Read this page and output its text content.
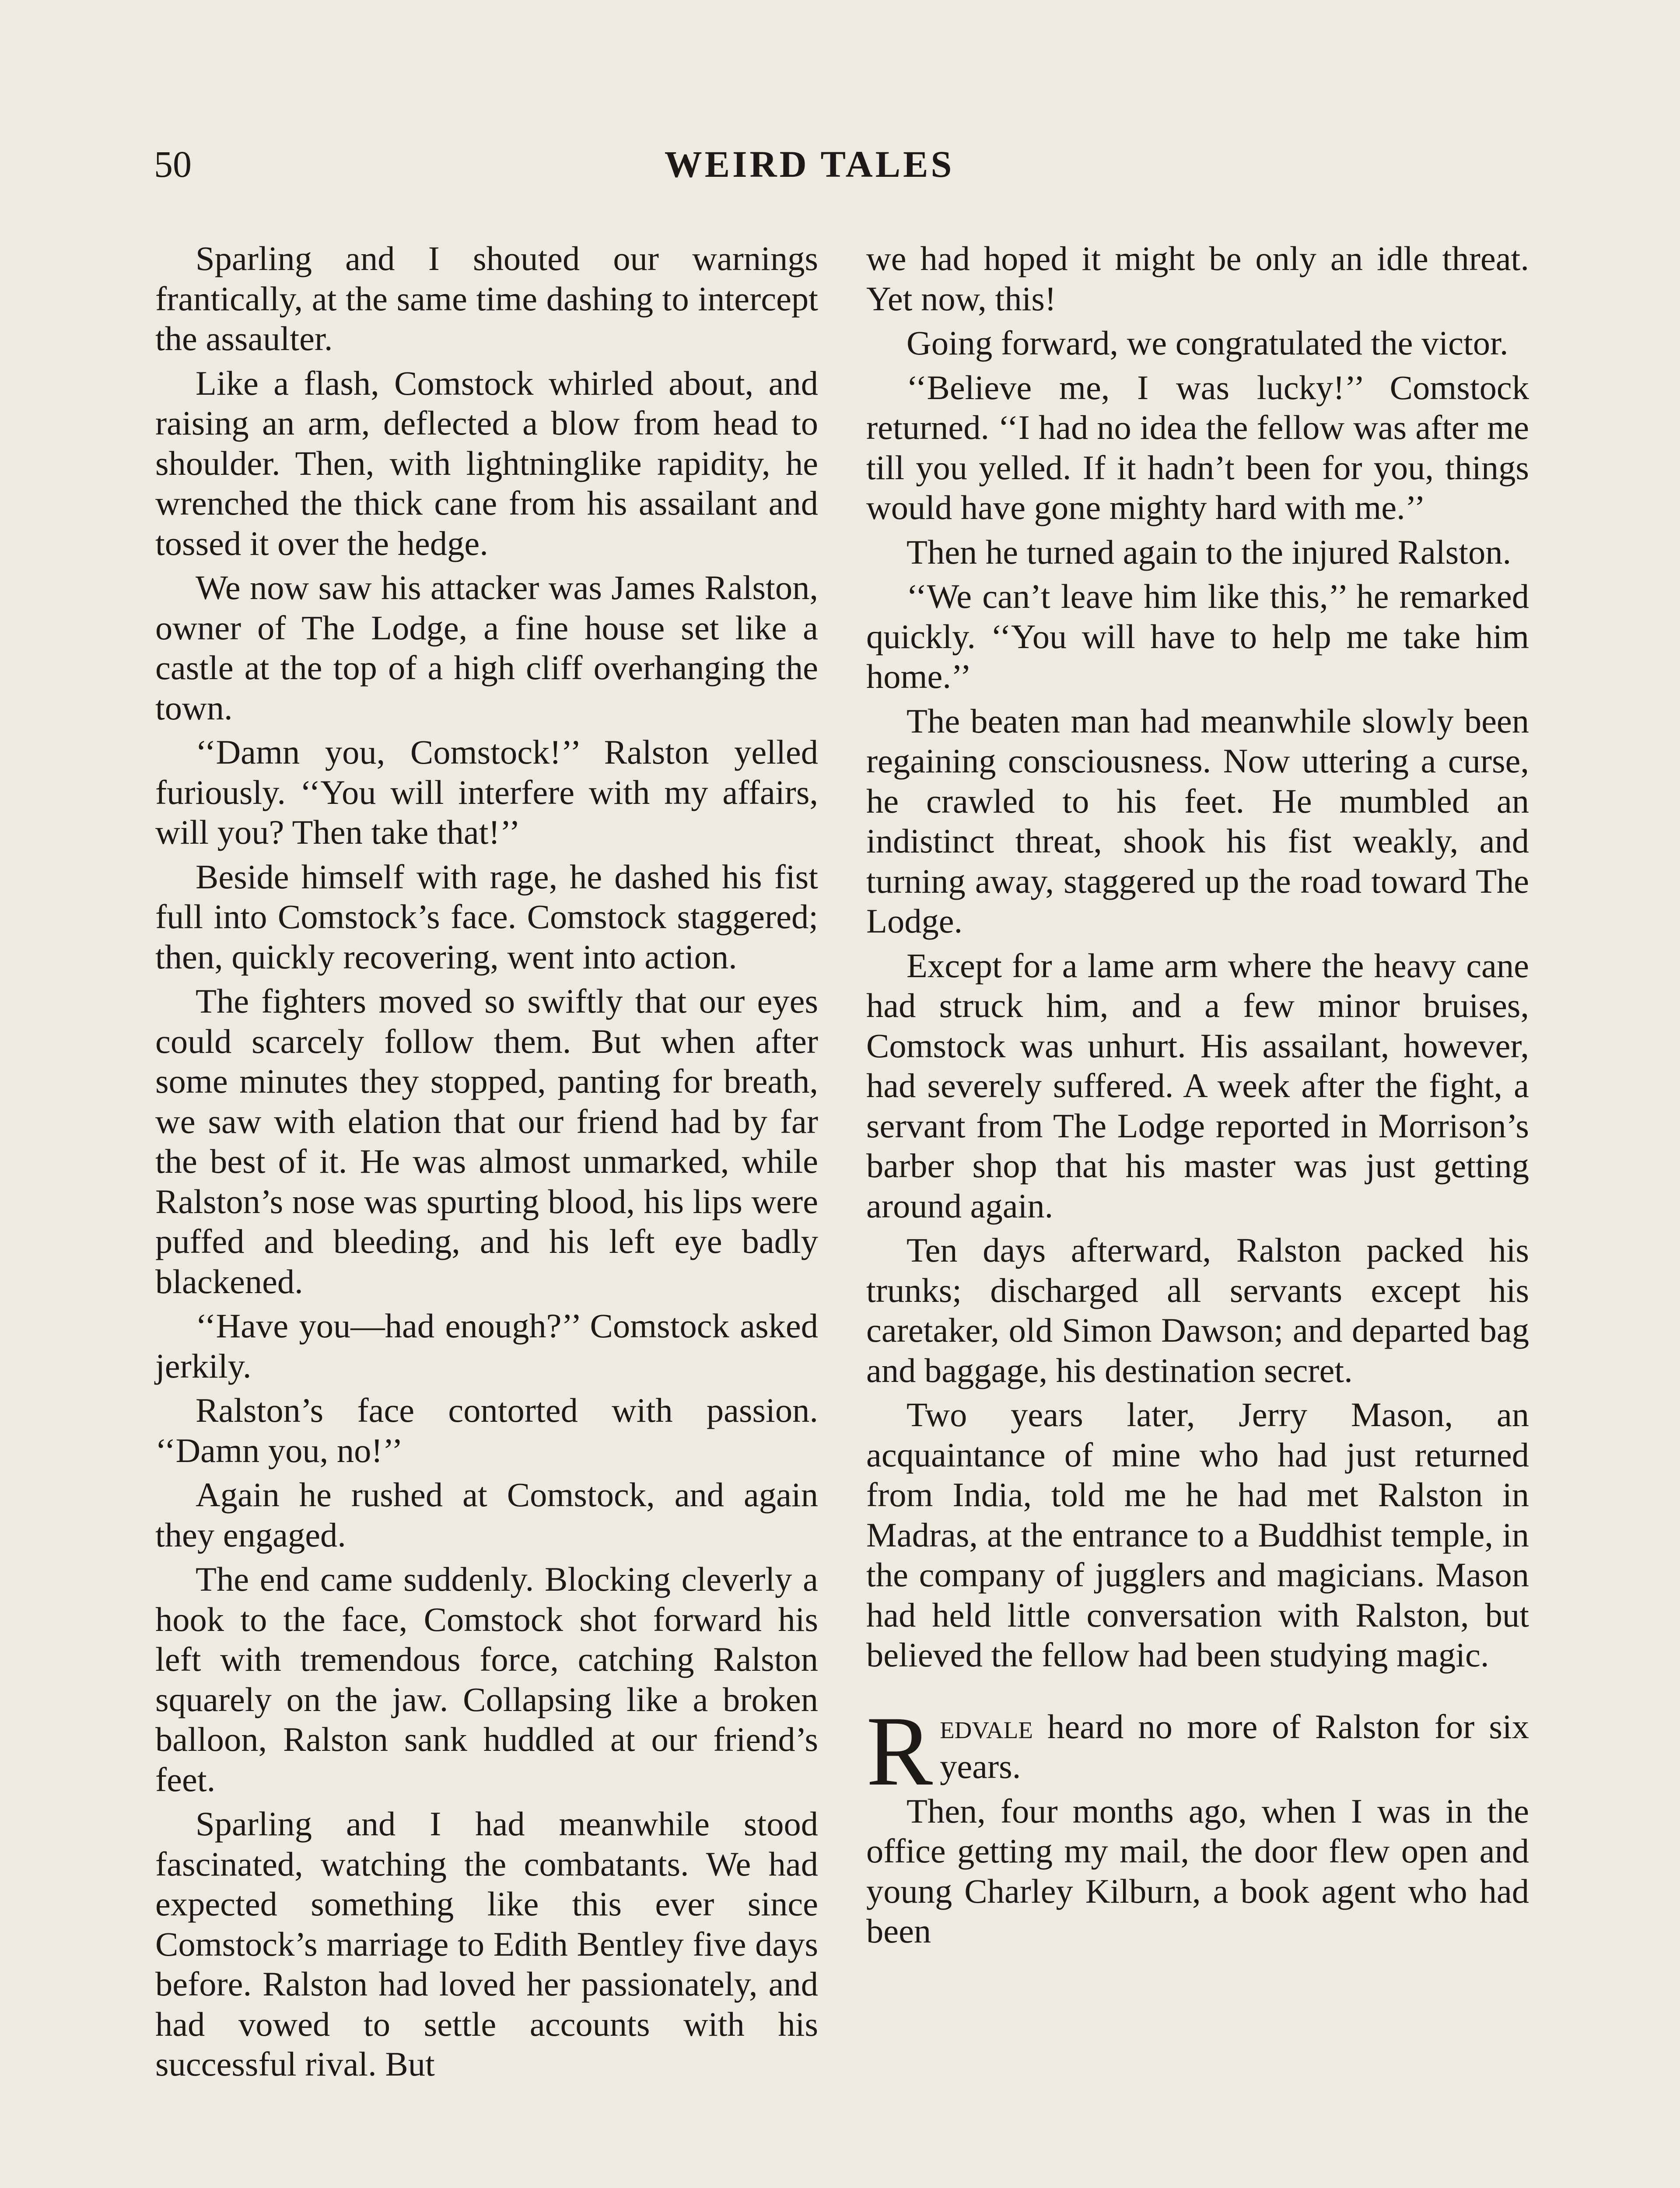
50	WEIRD TALES

Sparling and I shouted our warnings frantically, at the same time dashing to intercept the assaulter.

Like a flash, Comstock whirled about, and raising an arm, deflected a blow from head to shoulder. Then, with lightninglike rapidity, he wrenched the thick cane from his assailant and tossed it over the hedge.

We now saw his attacker was James Ralston, owner of The Lodge, a fine house set like a castle at the top of a high cliff overhanging the town.

‘‘Damn you, Comstock!’’ Ralston yelled furiously. ‘‘You will interfere with my affairs, will you? Then take that!’’

Beside himself with rage, he dashed his fist full into Comstock’s face. Comstock staggered; then, quickly recovering, went into action.

The fighters moved so swiftly that our eyes could scarcely follow them. But when after some minutes they stopped, panting for breath, we saw with elation that our friend had by far the best of it. He was almost unmarked, while Ralston’s nose was spurting blood, his lips were puffed and bleeding, and his left eye badly blackened.

‘‘Have you—had enough?’’ Comstock asked jerkily.

Ralston’s face contorted with passion. ‘‘Damn you, no!’’

Again he rushed at Comstock, and again they engaged.

The end came suddenly. Blocking cleverly a hook to the face, Comstock shot forward his left with tremendous force, catching Ralston squarely on the jaw. Collapsing like a broken balloon, Ralston sank huddled at our friend’s feet.

Sparling and I had meanwhile stood fascinated, watching the combatants. We had expected something like this ever since Comstock’s marriage to Edith Bentley five days before. Ralston had loved her passionately, and had vowed to settle accounts with his successful rival. But

we had hoped it might be only an idle threat. Yet now, this!

Going forward, we congratulated the victor.

‘‘Believe me, I was lucky!’’ Comstock returned. ‘‘I had no idea the fellow was after me till you yelled. If it hadn’t been for you, things would have gone mighty hard with me.’’

Then he turned again to the injured Ralston.

‘‘We can’t leave him like this,’’ he remarked quickly. ‘‘You will have to help me take him home.’’

The beaten man had meanwhile slowly been regaining consciousness. Now uttering a curse, he crawled to his feet. He mumbled an indistinct threat, shook his fist weakly, and turning away, staggered up the road toward The Lodge.

Except for a lame arm where the heavy cane had struck him, and a few minor bruises, Comstock was unhurt. His assailant, however, had severely suffered. A week after the fight, a servant from The Lodge reported in Morrison’s barber shop that his master was just getting around again.

Ten days afterward, Ralston packed his trunks; discharged all servants except his caretaker, old Simon Dawson; and departed bag and baggage, his destination secret.

Two years later, Jerry Mason, an acquaintance of mine who had just returned from India, told me he had met Ralston in Madras, at the entrance to a Buddhist temple, in the company of jugglers and magicians. Mason had held little conversation with Ralston, but believed the fellow had been studying magic.

Redvale heard no more of Ralston for six years.

Then, four months ago, when I was in the office getting my mail, the door flew open and young Charley Kilburn, a book agent who had been
